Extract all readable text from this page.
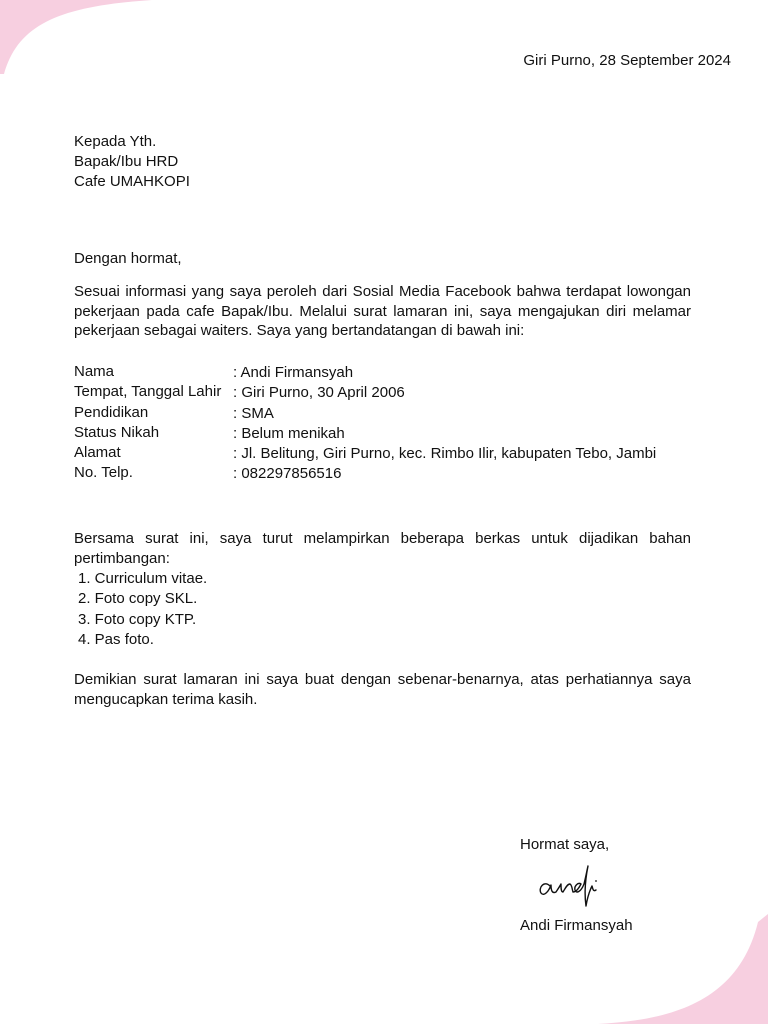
Giri Purno, 28 September 2024
Kepada Yth.
Bapak/Ibu HRD
Cafe UMAHKOPI
Dengan hormat,
Sesuai informasi yang saya peroleh dari Sosial Media Facebook bahwa terdapat lowongan pekerjaan pada cafe Bapak/Ibu. Melalui surat lamaran ini, saya mengajukan diri melamar pekerjaan sebagai waiters. Saya yang bertandatangan di bawah ini:
Nama	: Andi Firmansyah
Tempat, Tanggal Lahir : Giri Purno, 30 April 2006
Pendidikan	: SMA
Status Nikah	: Belum menikah
Alamat	: Jl. Belitung, Giri Purno, kec. Rimbo Ilir, kabupaten Tebo, Jambi
No. Telp.	: 082297856516
Bersama surat ini, saya turut melampirkan beberapa berkas untuk dijadikan bahan pertimbangan:
1. Curriculum vitae.
2. Foto copy SKL.
3. Foto copy KTP.
4. Pas foto.
Demikian surat lamaran ini saya buat dengan sebenar-benarnya, atas perhatiannya saya mengucapkan terima kasih.
Hormat saya,
Andi Firmansyah
